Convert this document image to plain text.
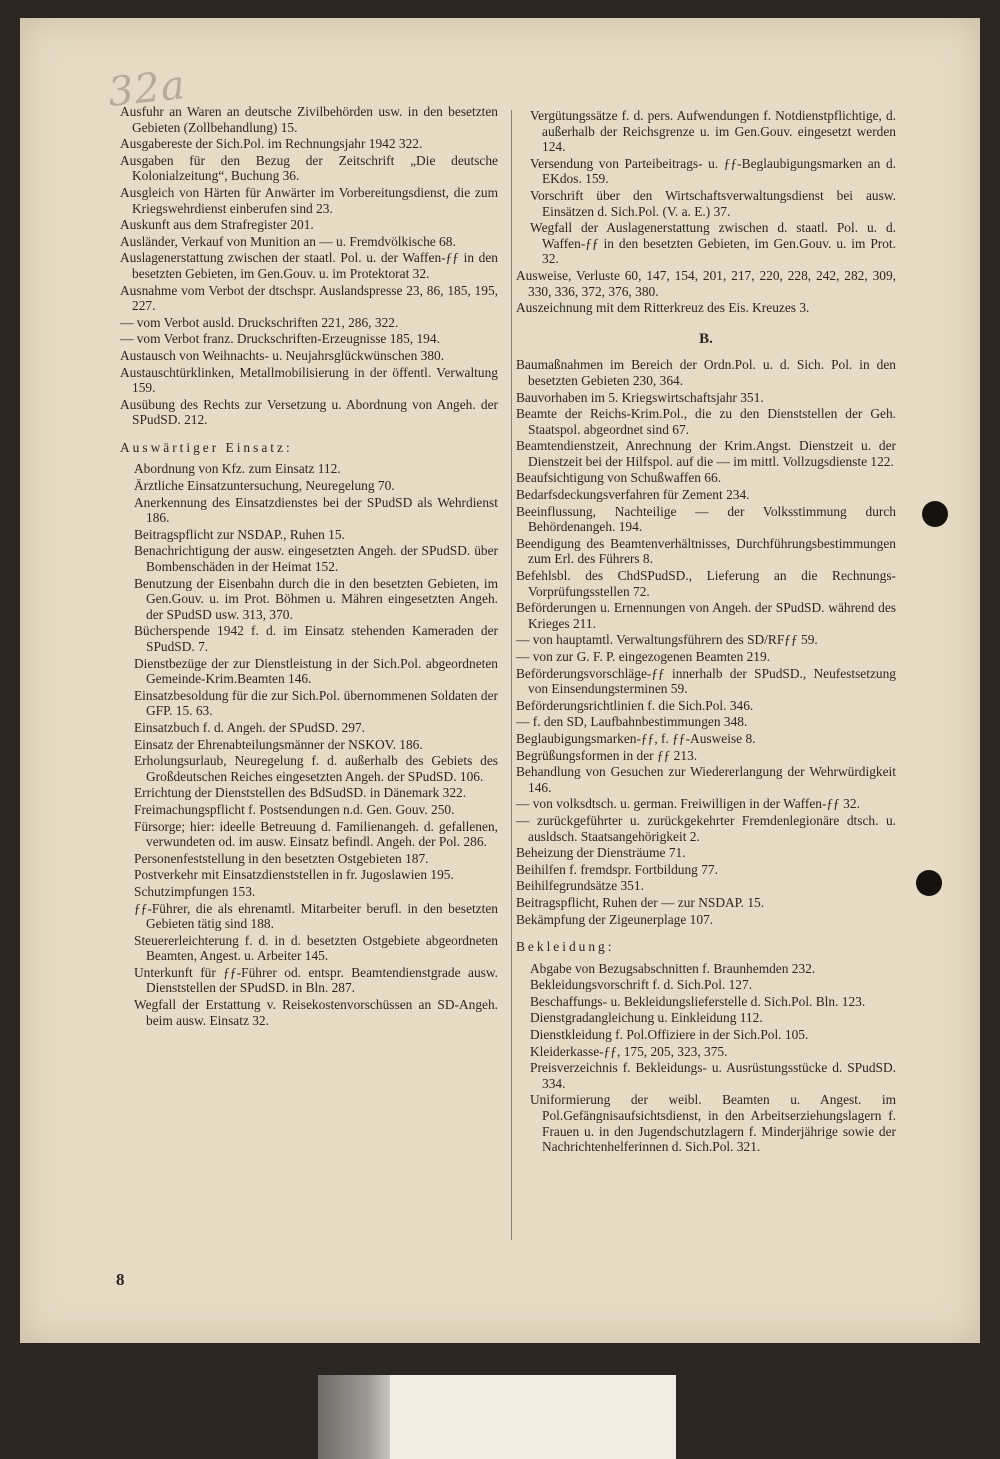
32a
Ausfuhr an Waren an deutsche Zivilbehörden usw. in den besetzten Gebieten (Zollbehandlung) 15.
Ausgabereste der Sich.Pol. im Rechnungsjahr 1942 322.
Ausgaben für den Bezug der Zeitschrift „Die deutsche Kolonialzeitung“, Buchung 36.
Ausgleich von Härten für Anwärter im Vorbereitungsdienst, die zum Kriegswehrdienst einberufen sind 23.
Auskunft aus dem Strafregister 201.
Ausländer, Verkauf von Munition an — u. Fremdvölkische 68.
Auslagenerstattung zwischen der staatl. Pol. u. der Waffen-ƒƒ in den besetzten Gebieten, im Gen.Gouv. u. im Protektorat 32.
Ausnahme vom Verbot der dtschspr. Auslandspresse 23, 86, 185, 195, 227.
— vom Verbot ausld. Druckschriften 221, 286, 322.
— vom Verbot franz. Druckschriften-Erzeugnisse 185, 194.
Austausch von Weihnachts- u. Neujahrsglückwünschen 380.
Austauschtürklinken, Metallmobilisierung in der öffentl. Verwaltung 159.
Ausübung des Rechts zur Versetzung u. Abordnung von Angeh. der SPudSD. 212.
Auswärtiger Einsatz:
Abordnung von Kfz. zum Einsatz 112.
Ärztliche Einsatzuntersuchung, Neuregelung 70.
Anerkennung des Einsatzdienstes bei der SPudSD als Wehrdienst 186.
Beitragspflicht zur NSDAP., Ruhen 15.
Benachrichtigung der ausw. eingesetzten Angeh. der SPudSD. über Bombenschäden in der Heimat 152.
Benutzung der Eisenbahn durch die in den besetzten Gebieten, im Gen.Gouv. u. im Prot. Böhmen u. Mähren eingesetzten Angeh. der SPudSD usw. 313, 370.
Bücherspende 1942 f. d. im Einsatz stehenden Kameraden der SPudSD. 7.
Dienstbezüge der zur Dienstleistung in der Sich.Pol. abgeordneten Gemeinde-Krim.Beamten 146.
Einsatzbesoldung für die zur Sich.Pol. übernommenen Soldaten der GFP. 15. 63.
Einsatzbuch f. d. Angeh. der SPudSD. 297.
Einsatz der Ehrenabteilungsmänner der NSKOV. 186.
Erholungsurlaub, Neuregelung f. d. außerhalb des Gebiets des Großdeutschen Reiches eingesetzten Angeh. der SPudSD. 106.
Errichtung der Dienststellen des BdSudSD. in Dänemark 322.
Freimachungspflicht f. Postsendungen n.d. Gen. Gouv. 250.
Fürsorge; hier: ideelle Betreuung d. Familienangeh. d. gefallenen, verwundeten od. im ausw. Einsatz befindl. Angeh. der Pol. 286.
Personenfeststellung in den besetzten Ostgebieten 187.
Postverkehr mit Einsatzdienststellen in fr. Jugoslawien 195.
Schutzimpfungen 153.
ƒƒ-Führer, die als ehrenamtl. Mitarbeiter berufl. in den besetzten Gebieten tätig sind 188.
Steuererleichterung f. d. in d. besetzten Ostgebiete abgeordneten Beamten, Angest. u. Arbeiter 145.
Unterkunft für ƒƒ-Führer od. entspr. Beamtendienstgrade ausw. Dienststellen der SPudSD. in Bln. 287.
Wegfall der Erstattung v. Reisekostenvorschüssen an SD-Angeh. beim ausw. Einsatz 32.
Vergütungssätze f. d. pers. Aufwendungen f. Notdienstpflichtige, d. außerhalb der Reichsgrenze u. im Gen.Gouv. eingesetzt werden 124.
Versendung von Parteibeitrags- u. ƒƒ-Beglaubigungsmarken an d. EKdos. 159.
Vorschrift über den Wirtschaftsverwaltungsdienst bei ausw. Einsätzen d. Sich.Pol. (V. a. E.) 37.
Wegfall der Auslagenerstattung zwischen d. staatl. Pol. u. d. Waffen-ƒƒ in den besetzten Gebieten, im Gen.Gouv. u. im Prot. 32.
Ausweise, Verluste 60, 147, 154, 201, 217, 220, 228, 242, 282, 309, 330, 336, 372, 376, 380.
Auszeichnung mit dem Ritterkreuz des Eis. Kreuzes 3.
B.
Baumaßnahmen im Bereich der Ordn.Pol. u. d. Sich. Pol. in den besetzten Gebieten 230, 364.
Bauvorhaben im 5. Kriegswirtschaftsjahr 351.
Beamte der Reichs-Krim.Pol., die zu den Dienststellen der Geh. Staatspol. abgeordnet sind 67.
Beamtendienstzeit, Anrechnung der Krim.Angst. Dienstzeit u. der Dienstzeit bei der Hilfspol. auf die — im mittl. Vollzugsdienste 122.
Beaufsichtigung von Schußwaffen 66.
Bedarfsdeckungsverfahren für Zement 234.
Beeinflussung, Nachteilige — der Volksstimmung durch Behördenangeh. 194.
Beendigung des Beamtenverhältnisses, Durchführungsbestimmungen zum Erl. des Führers 8.
Befehlsbl. des ChdSPudSD., Lieferung an die Rechnungs-Vorprüfungsstellen 72.
Beförderungen u. Ernennungen von Angeh. der SPudSD. während des Krieges 211.
— von hauptamtl. Verwaltungsführern des SD/RFƒƒ 59.
— von zur G. F. P. eingezogenen Beamten 219.
Beförderungsvorschläge-ƒƒ innerhalb der SPudSD., Neufestsetzung von Einsendungsterminen 59.
Beförderungsrichtlinien f. die Sich.Pol. 346.
— f. den SD, Laufbahnbestimmungen 348.
Beglaubigungsmarken-ƒƒ, f. ƒƒ-Ausweise 8.
Begrüßungsformen in der ƒƒ 213.
Behandlung von Gesuchen zur Wiedererlangung der Wehrwürdigkeit 146.
— von volksdtsch. u. german. Freiwilligen in der Waffen-ƒƒ 32.
— zurückgeführter u. zurückgekehrter Fremdenlegionäre dtsch. u. ausldsch. Staatsangehörigkeit 2.
Beheizung der Diensträume 71.
Beihilfen f. fremdspr. Fortbildung 77.
Beihilfegrundsätze 351.
Beitragspflicht, Ruhen der — zur NSDAP. 15.
Bekämpfung der Zigeunerplage 107.
Bekleidung:
Abgabe von Bezugsabschnitten f. Braunhemden 232.
Bekleidungsvorschrift f. d. Sich.Pol. 127.
Beschaffungs- u. Bekleidungslieferstelle d. Sich.Pol. Bln. 123.
Dienstgradangleichung u. Einkleidung 112.
Dienstkleidung f. Pol.Offiziere in der Sich.Pol. 105.
Kleiderkasse-ƒƒ, 175, 205, 323, 375.
Preisverzeichnis f. Bekleidungs- u. Ausrüstungsstücke d. SPudSD. 334.
Uniformierung der weibl. Beamten u. Angest. im Pol.Gefängnisaufsichtsdienst, in den Arbeitserziehungslagern f. Frauen u. in den Jugendschutzlagern f. Minderjährige sowie der Nachrichtenhelferinnen d. Sich.Pol. 321.
8
